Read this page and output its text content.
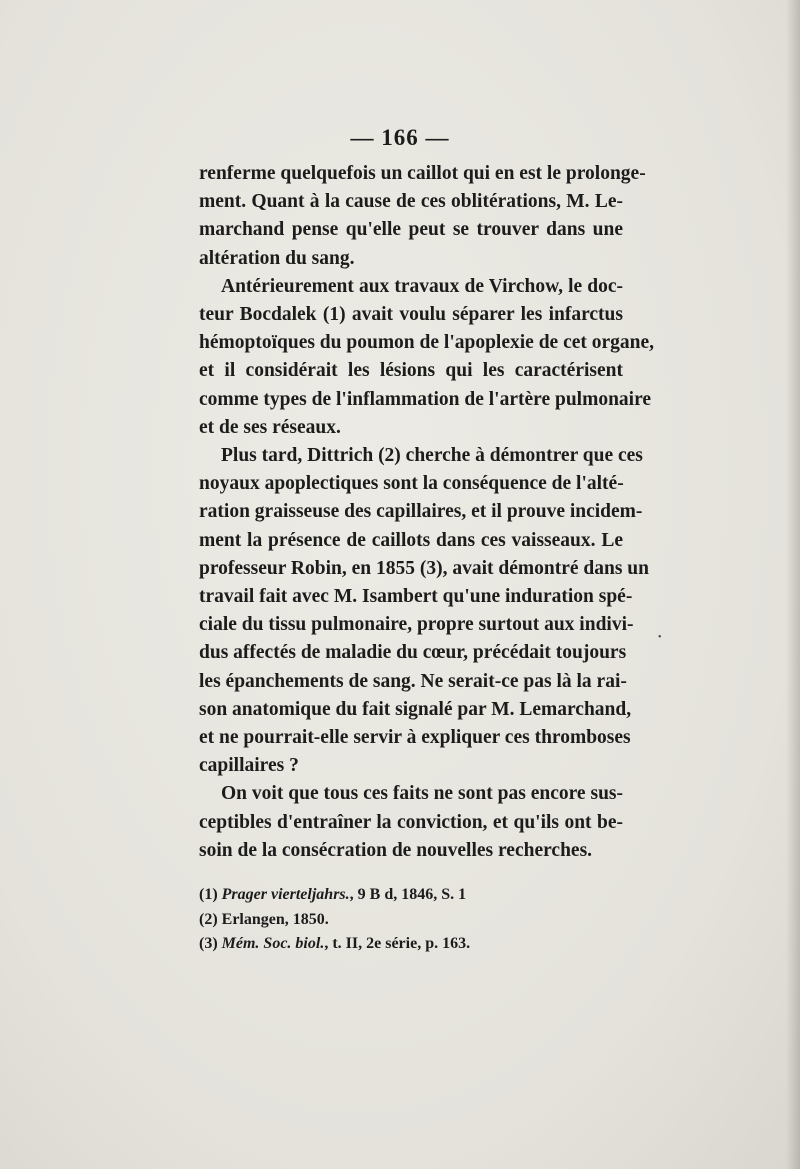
— 166 —

renferme quelquefois un caillot qui en est le prolonge-
ment. Quant à la cause de ces oblitérations, M. Le-
marchand pense qu'elle peut se trouver dans une
altération du sang.

Antérieurement aux travaux de Virchow, le doc-
teur Bocdalek (1) avait voulu séparer les infarctus
hémoptoïques du poumon de l'apoplexie de cet organe,
et il considérait les lésions qui les caractérisent
comme types de l'inflammation de l'artère pulmonaire
et de ses réseaux.

Plus tard, Dittrich (2) cherche à démontrer que ces
noyaux apoplectiques sont la conséquence de l'alté-
ration graisseuse des capillaires, et il prouve incidem-
ment la présence de caillots dans ces vaisseaux. Le
professeur Robin, en 1855 (3), avait démontré dans un
travail fait avec M. Isambert qu'une induration spé-
ciale du tissu pulmonaire, propre surtout aux indivi-
dus affectés de maladie du cœur, précédait toujours
les épanchements de sang. Ne serait-ce pas là la rai-
son anatomique du fait signalé par M. Lemarchand,
et ne pourrait-elle servir à expliquer ces thromboses
capillaires ?

On voit que tous ces faits ne sont pas encore sus-
ceptibles d'entraîner la conviction, et qu'ils ont be-
soin de la consécration de nouvelles recherches.

(1) Prager vierteljahrs., 9 B d, 1846, S. 1
(2) Erlangen, 1850.
(3) Mém. Soc. biol., t. II, 2e série, p. 163.
•
